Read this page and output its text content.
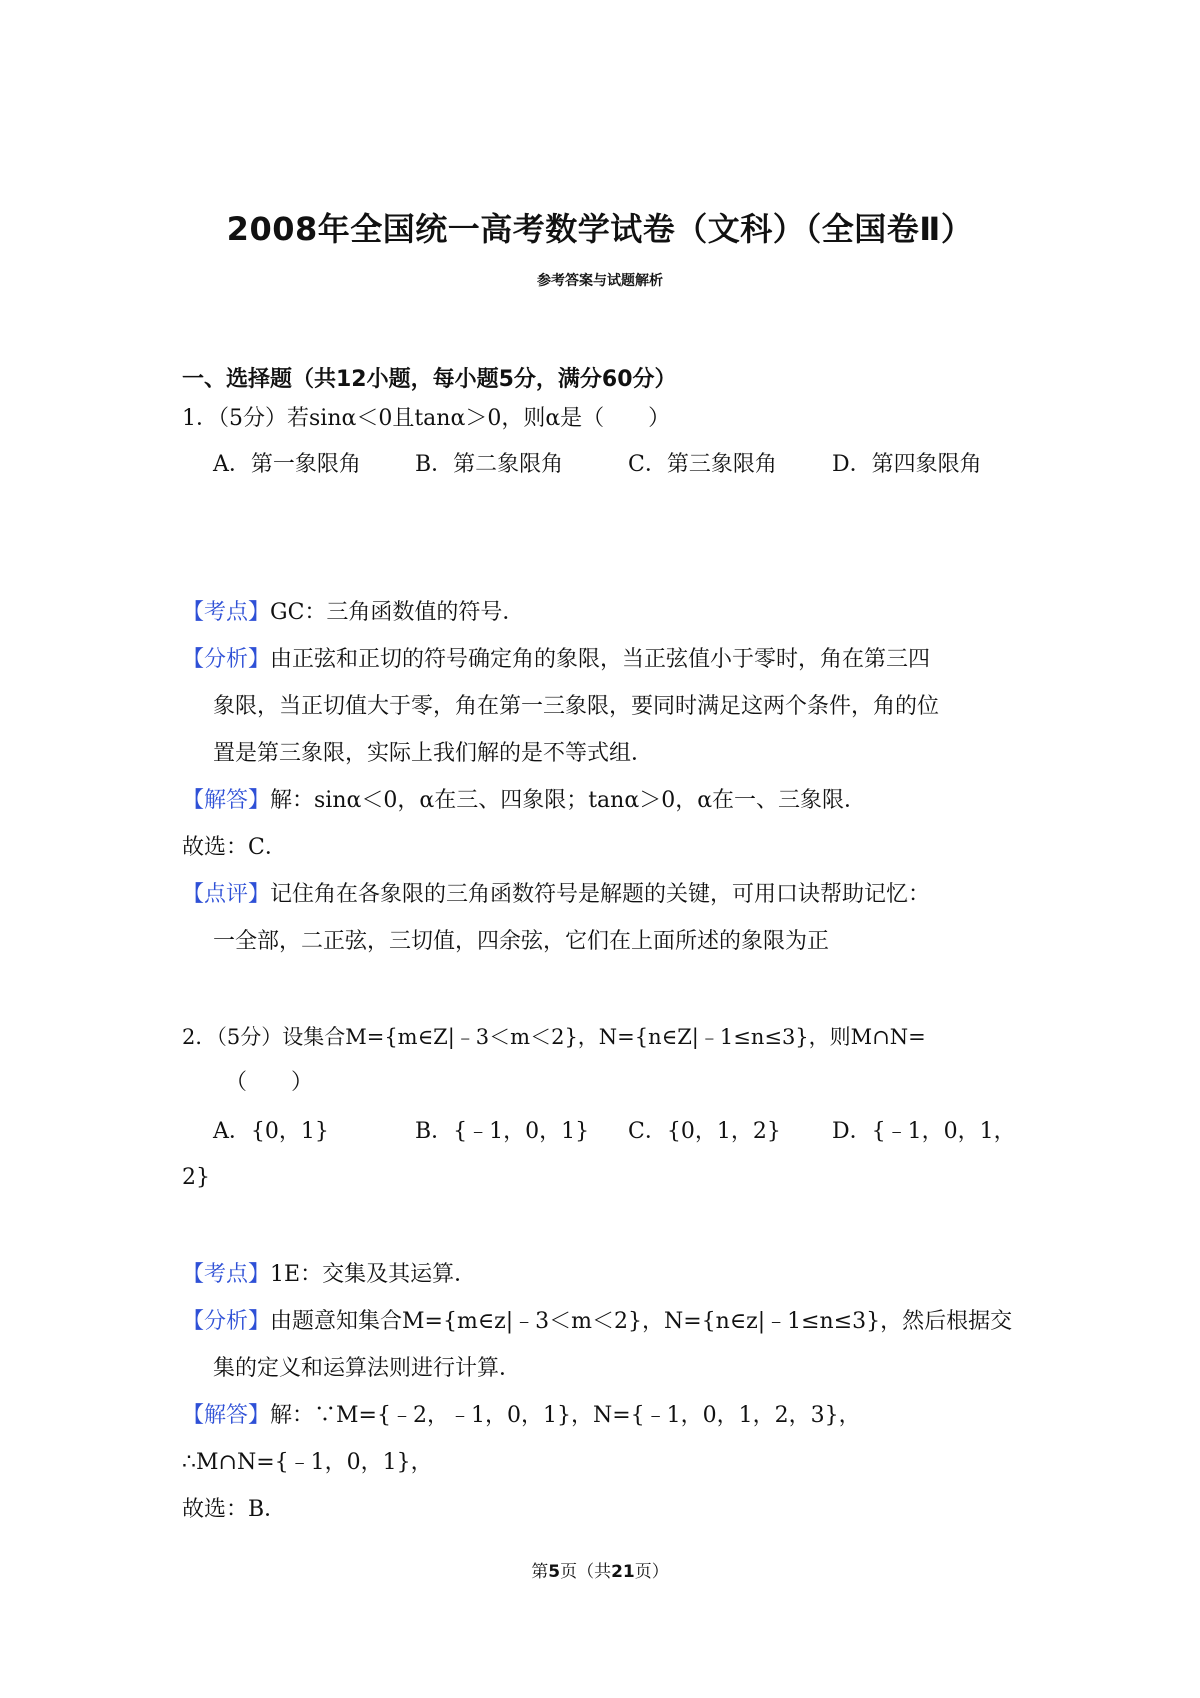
2008年全国统一高考数学试卷（文科）（全国卷Ⅱ）
参考答案与试题解析
一、选择题（共12小题，每小题5分，满分60分）
1．（5分）若sinα＜0且tanα＞0，则α是（　　）
A．第一象限角 B．第二象限角	C．第三象限角	D．第四象限角
【考点】GC：三角函数值的符号．
【分析】由正弦和正切的符号确定角的象限，当正弦值小于零时，角在第三四
象限，当正切值大于零，角在第一三象限，要同时满足这两个条件，角的位
置是第三象限，实际上我们解的是不等式组．
【解答】解：sinα＜0，α在三、四象限；tanα＞0，α在一、三象限．
故选：C．
【点评】记住角在各象限的三角函数符号是解题的关键，可用口诀帮助记忆：
一全部，二正弦，三切值，四余弦，它们在上面所述的象限为正
2．（5分）设集合M={m∈Z|﹣3＜m＜2}，N={n∈Z|﹣1≤n≤3}，则M∩N=
（　　）
A．{0，1}	B．{﹣1，0，1} C．{0，1，2} D．{﹣1，0，1，
2}
【考点】1E：交集及其运算．
【分析】由题意知集合M={m∈z|﹣3＜m＜2}，N={n∈z|﹣1≤n≤3}，然后根据交
集的定义和运算法则进行计算．
【解答】解：∵M={﹣2，﹣1，0，1}，N={﹣1，0，1，2，3}，
∴M∩N={﹣1，0，1}，
故选：B．
第5页（共21页）
